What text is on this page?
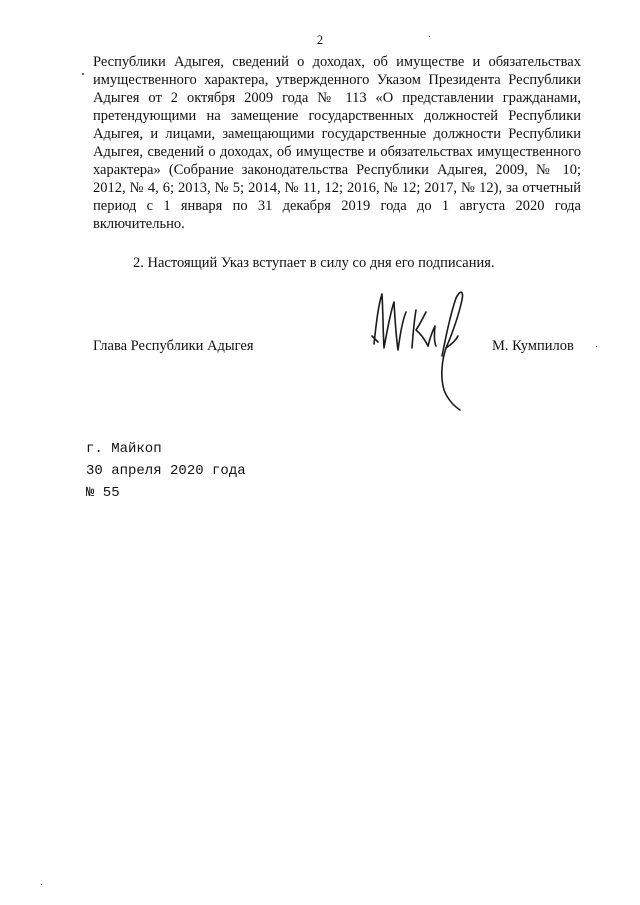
2

Республики Адыгея, сведений о доходах, об имуществе и обязательствах имущественного характера, утвержденного Указом Президента Республики Адыгея от 2 октября 2009 года № 113 «О представлении гражданами, претендующими на замещение государственных должностей Республики Адыгея, и лицами, замещающими государственные должности Республики Адыгея, сведений о доходах, об имуществе и обязательствах имущественного характера» (Собрание законодательства Республики Адыгея, 2009, № 10; 2012, № 4, 6; 2013, № 5; 2014, № 11, 12; 2016, № 12; 2017, № 12), за отчетный период с 1 января по 31 декабря 2019 года до 1 августа 2020 года включительно.

2. Настоящий Указ вступает в силу со дня его подписания.
Глава Республики Адыгея	М. Кумпилов
г. Майкоп
30 апреля 2020 года
№ 55
